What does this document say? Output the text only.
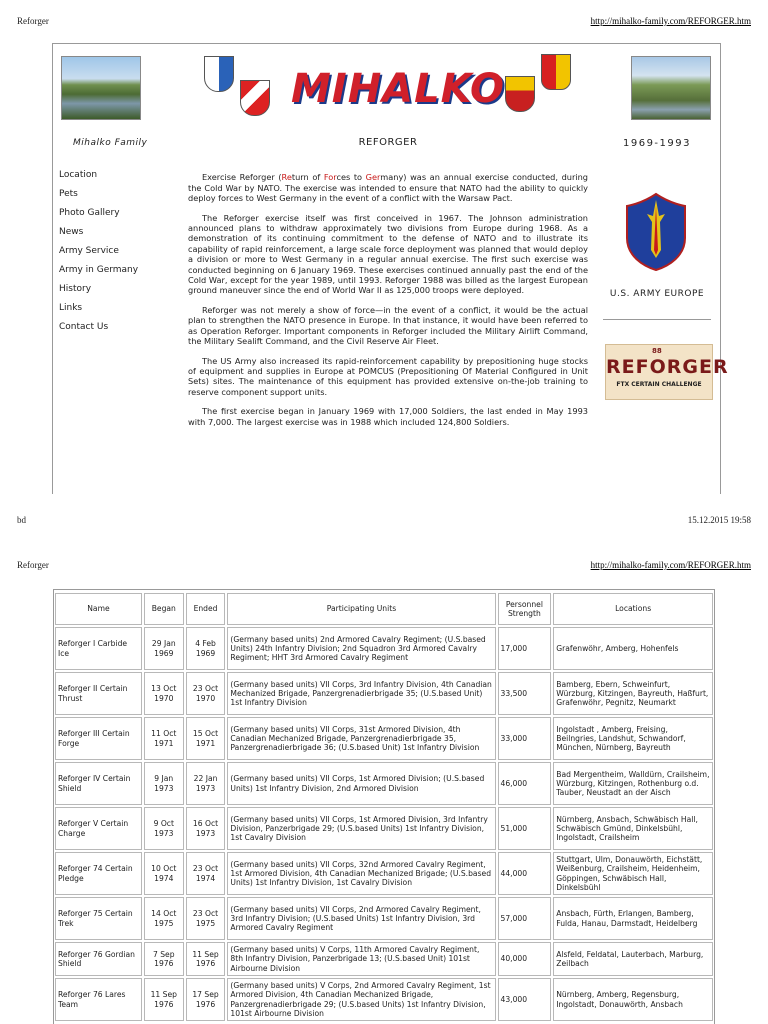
Reforger	http://mihalko-family.com/REFORGER.htm
MIHALKO
Mihalko Family
Location
Pets
Photo Gallery
News
Army Service
Army in Germany
History
Links
Contact Us
REFORGER

Exercise Reforger (Return of Forces to Germany) was an annual exercise conducted, during the Cold War by NATO. The exercise was intended to ensure that NATO had the ability to quickly deploy forces to West Germany in the event of a conflict with the Warsaw Pact.

The Reforger exercise itself was first conceived in 1967. The Johnson administration announced plans to withdraw approximately two divisions from Europe during 1968. As a demonstration of its continuing commitment to the defense of NATO and to illustrate its capability of rapid reinforcement, a large scale force deployment was planned that would deploy a division or more to West Germany in a regular annual exercise. The first such exercise was conducted beginning on 6 January 1969. These exercises continued annually past the end of the Cold War, except for the year 1989, until 1993. Reforger 1988 was billed as the largest European ground maneuver since the end of World War II as 125,000 troops were deployed.

Reforger was not merely a show of force—in the event of a conflict, it would be the actual plan to strengthen the NATO presence in Europe. In that instance, it would have been referred to as Operation Reforger. Important components in Reforger included the Military Airlift Command, the Military Sealift Command, and the Civil Reserve Air Fleet.

The US Army also increased its rapid-reinforcement capability by prepositioning huge stocks of equipment and supplies in Europe at POMCUS (Prepositioning Of Material Configured in Unit Sets) sites. The maintenance of this equipment has provided extensive on-the-job training to reserve component support units.

The first exercise began in January 1969 with 17,000 Soldiers, the last ended in May 1993 with 7,000. The largest exercise was in 1988 which included 124,800 Soldiers.

1969-1993
U.S. ARMY EUROPE
88
REFORGER
FTX CERTAIN CHALLENGE
bd	15.12.2015 19:58
Reforger	http://mihalko-family.com/REFORGER.htm
Name	Began	Ended	Participating Units	Personnel Strength	Locations
Reforger I Carbide Ice	29 Jan 1969	4 Feb 1969	(Germany based units) 2nd Armored Cavalry Regiment; (U.S.based Units) 24th Infantry Division; 2nd Squadron 3rd Armored Cavalry Regiment; HHT 3rd Armored Cavalry Regiment	17,000	Grafenwöhr, Amberg, Hohenfels
Reforger II Certain Thrust	13 Oct 1970	23 Oct 1970	(Germany based units) VII Corps, 3rd Infantry Division, 4th Canadian Mechanized Brigade, Panzergrenadierbrigade 35; (U.S.based Unit) 1st Infantry Division	33,500	Bamberg, Ebern, Schweinfurt, Würzburg, Kitzingen, Bayreuth, Haßfurt, Grafenwöhr, Pegnitz, Neumarkt
Reforger III Certain Forge	11 Oct 1971	15 Oct 1971	(Germany based units) VII Corps, 31st Armored Division, 4th Canadian Mechanized Brigade, Panzergrenadierbrigade 35, Panzergrenadierbrigade 36; (U.S.based Unit) 1st Infantry Division	33,000	Ingolstadt , Amberg, Freising, Beilngries, Landshut, Schwandorf, München, Nürnberg, Bayreuth
Reforger IV Certain Shield	9 Jan 1973	22 Jan 1973	(Germany based units) VII Corps, 1st Armored Division; (U.S.based Units) 1st Infantry Division, 2nd Armored Division	46,000	Bad Mergentheim, Walldürn, Crailsheim, Würzburg, Kitzingen, Rothenburg o.d. Tauber, Neustadt an der Aisch
Reforger V Certain Charge	9 Oct 1973	16 Oct 1973	(Germany based units) VII Corps, 1st Armored Division, 3rd Infantry Division, Panzerbrigade 29; (U.S.based Units) 1st Infantry Division, 1st Cavalry Division	51,000	Nürnberg, Ansbach, Schwäbisch Hall, Schwäbisch Gmünd, Dinkelsbühl, Ingolstadt, Crailsheim
Reforger 74 Certain Pledge	10 Oct 1974	23 Oct 1974	(Germany based units) VII Corps, 32nd Armored Cavalry Regiment, 1st Armored Division, 4th Canadian Mechanized Brigade; (U.S.based Units) 1st Infantry Division, 1st Cavalry Division	44,000	Stuttgart, Ulm, Donauwörth, Eichstätt, Weißenburg, Crailsheim, Heidenheim, Göppingen, Schwäbisch Hall, Dinkelsbühl
Reforger 75 Certain Trek	14 Oct 1975	23 Oct 1975	(Germany based units) VII Corps, 2nd Armored Cavalry Regiment, 3rd Infantry Division; (U.S.based Units) 1st Infantry Division, 3rd Armored Cavalry Regiment	57,000	Ansbach, Fürth, Erlangen, Bamberg, Fulda, Hanau, Darmstadt, Heidelberg
Reforger 76 Gordian Shield	7 Sep 1976	11 Sep 1976	(Germany based units) V Corps, 11th Armored Cavalry Regiment, 8th Infantry Division, Panzerbrigade 13; (U.S.based Unit) 101st Airbourne Division	40,000	Alsfeld, Feldatal, Lauterbach, Marburg, Zeilbach
Reforger 76 Lares Team	11 Sep 1976	17 Sep 1976	(Germany based units) V Corps, 2nd Armored Cavalry Regiment, 1st Armored Division, 4th Canadian Mechanized Brigade, Panzergrenadierbrigade 29; (U.S.based Units) 1st Infantry Division, 101st Airbourne Division	43,000	Nürnberg, Amberg, Regensburg, Ingolstadt, Donauwörth, Ansbach
